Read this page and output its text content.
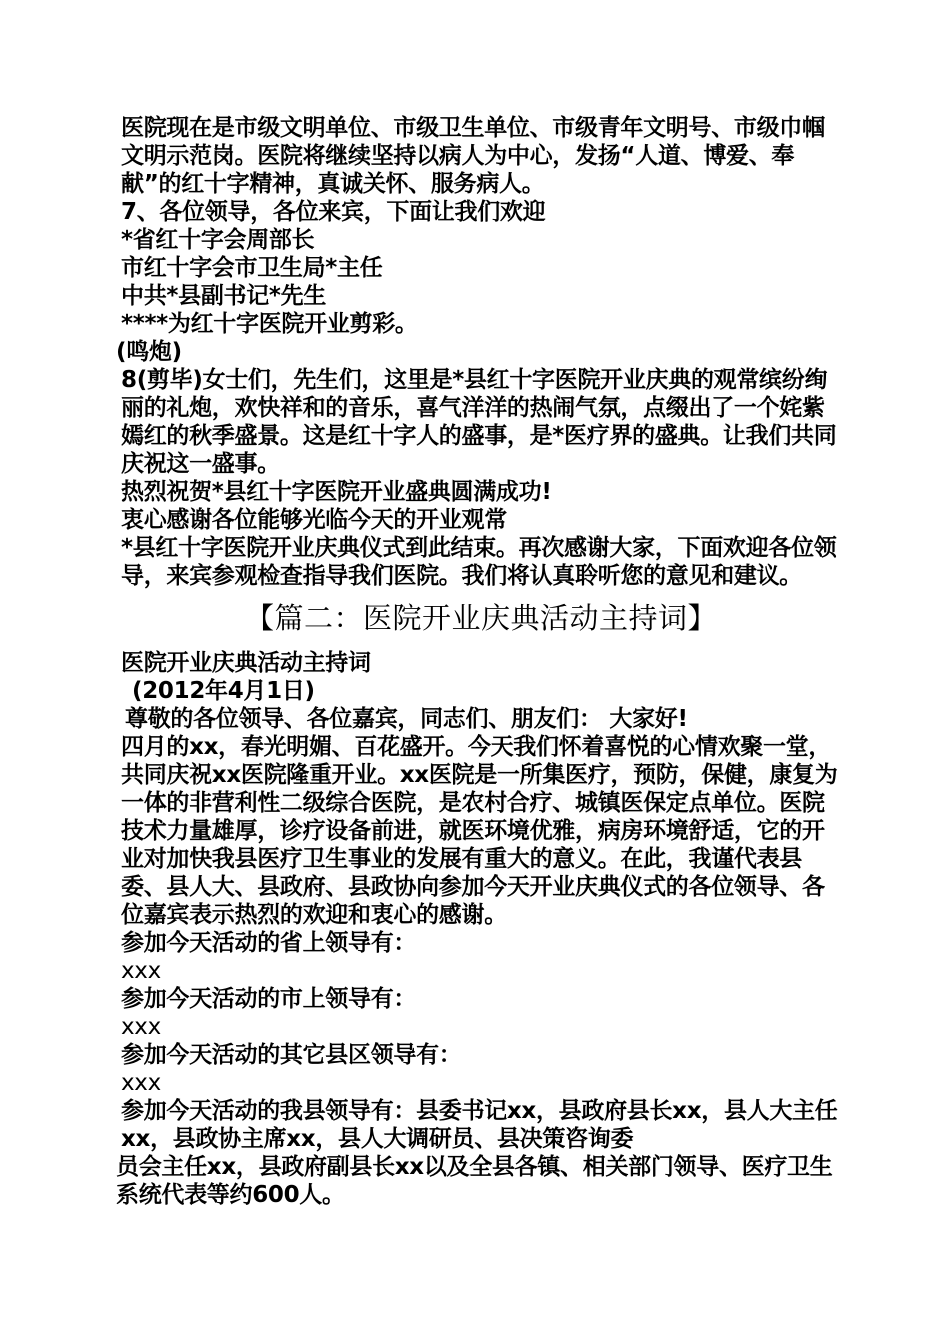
医院现在是市级文明单位、市级卫生单位、市级青年文明号、市级巾帼文明示范岗。医院将继续坚持以病人为中心，发扬“人道、博爱、奉献”的红十字精神，真诚关怀、服务病人。

7、各位领导，各位来宾，下面让我们欢迎

*省红十字会周部长

市红十字会市卫生局*主任

中共*县副书记*先生

****为红十字医院开业剪彩。

(鸣炮)

8(剪毕)女士们，先生们，这里是*县红十字医院开业庆典的观常缤纷绚丽的礼炮，欢快祥和的音乐，喜气洋洋的热闹气氛，点缀出了一个姹紫嫣红的秋季盛景。这是红十字人的盛事，是*医疗界的盛典。让我们共同庆祝这一盛事。

热烈祝贺*县红十字医院开业盛典圆满成功!

衷心感谢各位能够光临今天的开业观常

*县红十字医院开业庆典仪式到此结束。再次感谢大家，下面欢迎各位领导，来宾参观检查指导我们医院。我们将认真聆听您的意见和建议。

【篇二：医院开业庆典活动主持词】

医院开业庆典活动主持词

(2012年4月1日)

尊敬的各位领导、各位嘉宾，同志们、朋友们： 大家好!

四月的xx，春光明媚、百花盛开。今天我们怀着喜悦的心情欢聚一堂，共同庆祝xx医院隆重开业。xx医院是一所集医疗，预防，保健，康复为一体的非营利性二级综合医院，是农村合疗、城镇医保定点单位。医院技术力量雄厚，诊疗设备前进，就医环境优雅，病房环境舒适，它的开业对加快我县医疗卫生事业的发展有重大的意义。在此，我谨代表县委、县人大、县政府、县政协向参加今天开业庆典仪式的各位领导、各位嘉宾表示热烈的欢迎和衷心的感谢。

参加今天活动的省上领导有：

xxx

参加今天活动的市上领导有：

xxx

参加今天活动的其它县区领导有：

xxx

参加今天活动的我县领导有：县委书记xx，县政府县长xx，县人大主任xx，县政协主席xx，县人大调研员、县决策咨询委

员会主任xx，县政府副县长xx以及全县各镇、相关部门领导、医疗卫生系统代表等约600人。
